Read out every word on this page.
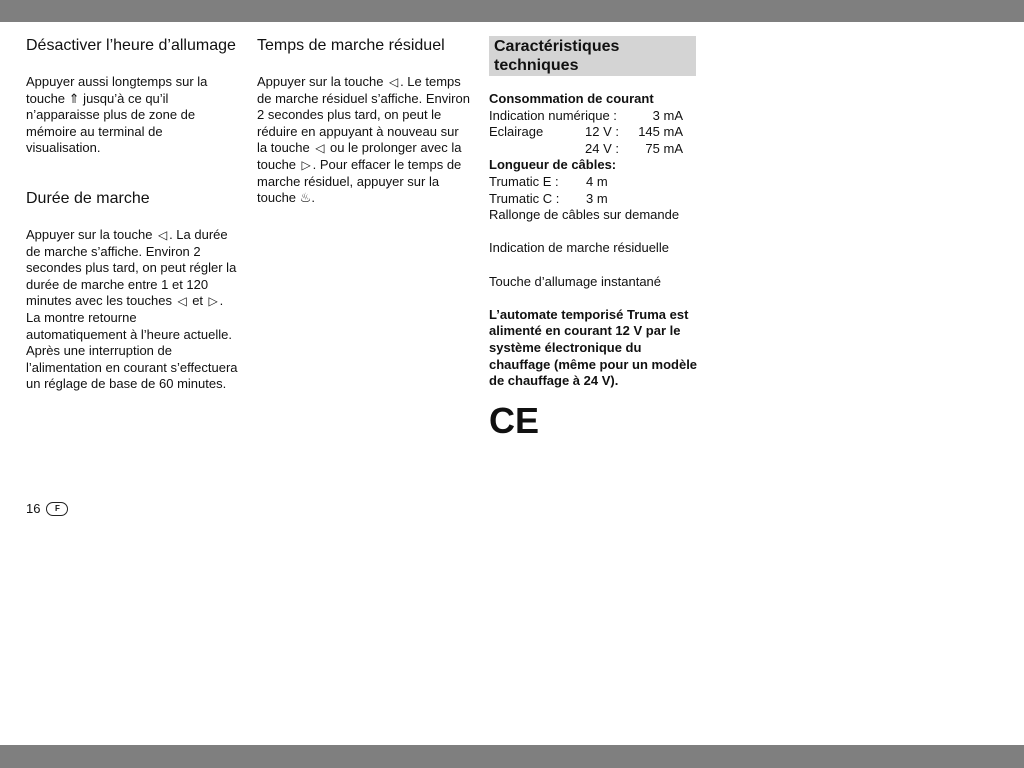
Désactiver l’heure d’allumage

Appuyer aussi longtemps sur la touche ⇑ jusqu’à ce qu’il n’apparaisse plus de zone de mémoire au terminal de visualisation.

Durée de marche

Appuyer sur la touche ◁ . La durée de marche s’affiche. Environ 2 secondes plus tard, on peut régler la durée de marche entre 1 et 120 minutes avec les touches ◁ et ▷ . La montre retourne automatiquement à l’heure actuelle. Après une interruption de l’alimentation en courant s’effectuera un réglage de base de 60 minutes.

Temps de marche résiduel

Appuyer sur la touche ◁ . Le temps de marche résiduel s’affiche. Environ 2 secondes plus tard, on peut le réduire en appuyant à nouveau sur la touche ◁ ou le prolonger avec la touche ▷ . Pour effacer le temps de marche résiduel, appuyer sur la touche ♨.

Caractéristiques techniques
Consommation de courant
Indication numérique :		3 mA
Eclairage	12 V :	145 mA
	24 V :	75 mA
Longueur de câbles:
Trumatic E :	4 m
Trumatic C :	3 m
Rallonge de câbles sur demande
Indication de marche résiduelle
Touche d’allumage instantané

L’automate temporisé Truma est alimenté en courant 12 V par le système électronique du chauffage (même pour un modèle de chauffage à 24 V).

CE
16	F
